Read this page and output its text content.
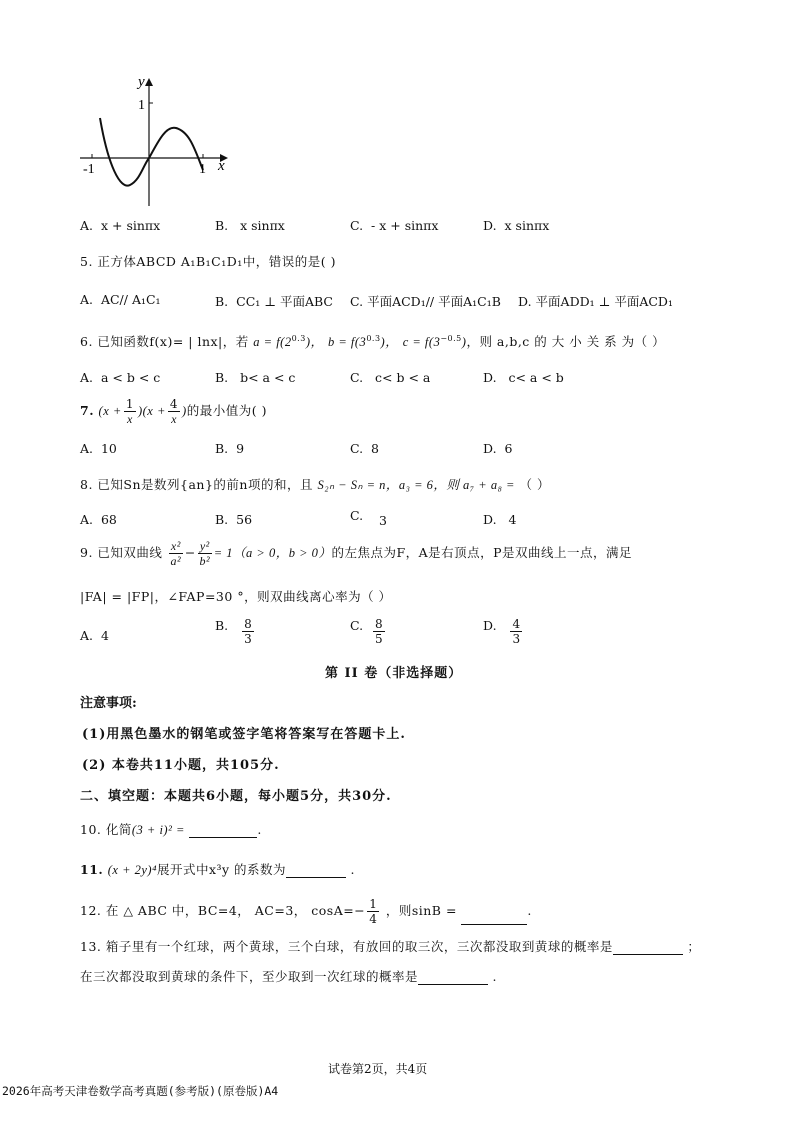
y
x
1
-1	1
A. x + sinπx	B. x sinπx	C. - x + sinπx	D. x sinπx
5. 正方体ABCD A₁B₁C₁D₁中，错误的是( )
A. AC// A₁C₁	B. CC₁ ⊥ 平面ABC C. 平面ACD₁// 平面A₁C₁B D. 平面ADD₁ ⊥ 平面ACD₁
6. 已知函数f(x)= | lnx|，若 $a = f(2^{0.3})$， $b = f(3^{0.3})$， $c = f(3^{-0.5})$，则 a,b,c 的 大 小 关 系 为（ ）
A. a < b < c	B. b< a < c	C. c< b < a	D. c< a < b
7. $(x + \frac{1}{x} )(x + \frac{4}{x}$ )的最小值为( )
A. 10	B. 9	C. 8	D. 6
8. 已知Sn是数列{an}的前n项的和，且 S₂ₙ − Sₙ = n，a₃ = 6，则 a₇ + a₈ = （ ）
A. 68	B. 56	C. 3	D. 4
9. 已知双曲线 $\frac{\text{x²}}{\text{a²}} - \frac{\text{y²}}{\text{b²}} = 1(a > 0$，b > 0）的左焦点为F，A是右顶点，P是双曲线上一点，满足
|FA| = |FP|，∠FAP=30 °，则双曲线离心率为（ ）
A. 4
B. $\frac{8}{3}$	C. $\frac{8}{5}$	D. $\frac{4}{3}$
第 II 卷（非选择题）
注意事项:
(1)用黑色墨水的钢笔或签字笔将答案写在答题卡上.
(2) 本卷共11小题，共105分.
二、填空题：本题共6小题，每小题5分，共30分.
10. 化简(3 + i)² =	.
11. (x + 2y)⁴展开式中x³y 的系数为	.
12. 在 △ ABC 中，BC=4， AC=3， $\cos A=- \frac{1}{4}$ ，则sinB =	.
13. 箱子里有一个红球，两个黄球，三个白球，有放回的取三次，三次都没取到黄球的概率是	；
在三次都没取到黄球的条件下，至少取到一次红球的概率是	.
试卷第2页，共4页
2026年高考天津卷数学高考真题(参考版)(原卷版)A4
